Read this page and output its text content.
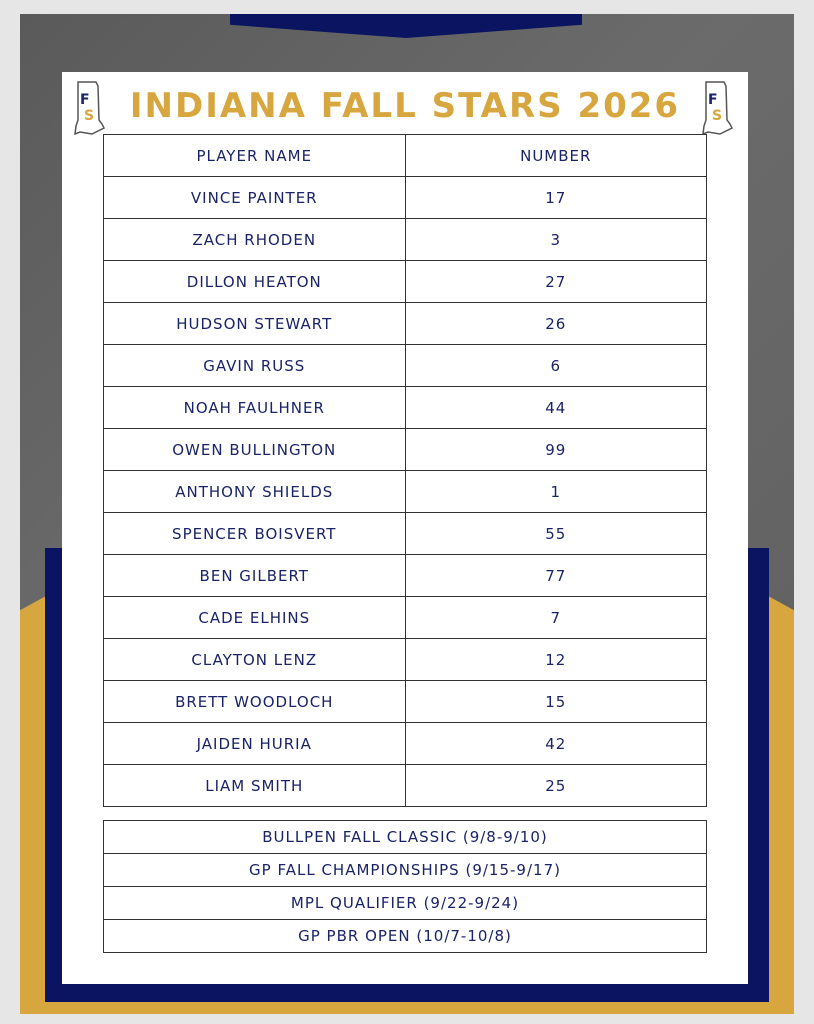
F
S
F
S
INDIANA FALL STARS 2026
PLAYER NAME	NUMBER
VINCE PAINTER	17
ZACH RHODEN	3
DILLON HEATON	27
HUDSON STEWART	26
GAVIN RUSS	6
NOAH FAULHNER	44
OWEN BULLINGTON	99
ANTHONY SHIELDS	1
SPENCER BOISVERT	55
BEN GILBERT	77
CADE ELHINS	7
CLAYTON LENZ	12
BRETT WOODLOCH	15
JAIDEN HURIA	42
LIAM SMITH	25
BULLPEN FALL CLASSIC (9/8-9/10)
GP FALL CHAMPIONSHIPS (9/15-9/17)
MPL QUALIFIER (9/22-9/24)
GP PBR OPEN (10/7-10/8)
